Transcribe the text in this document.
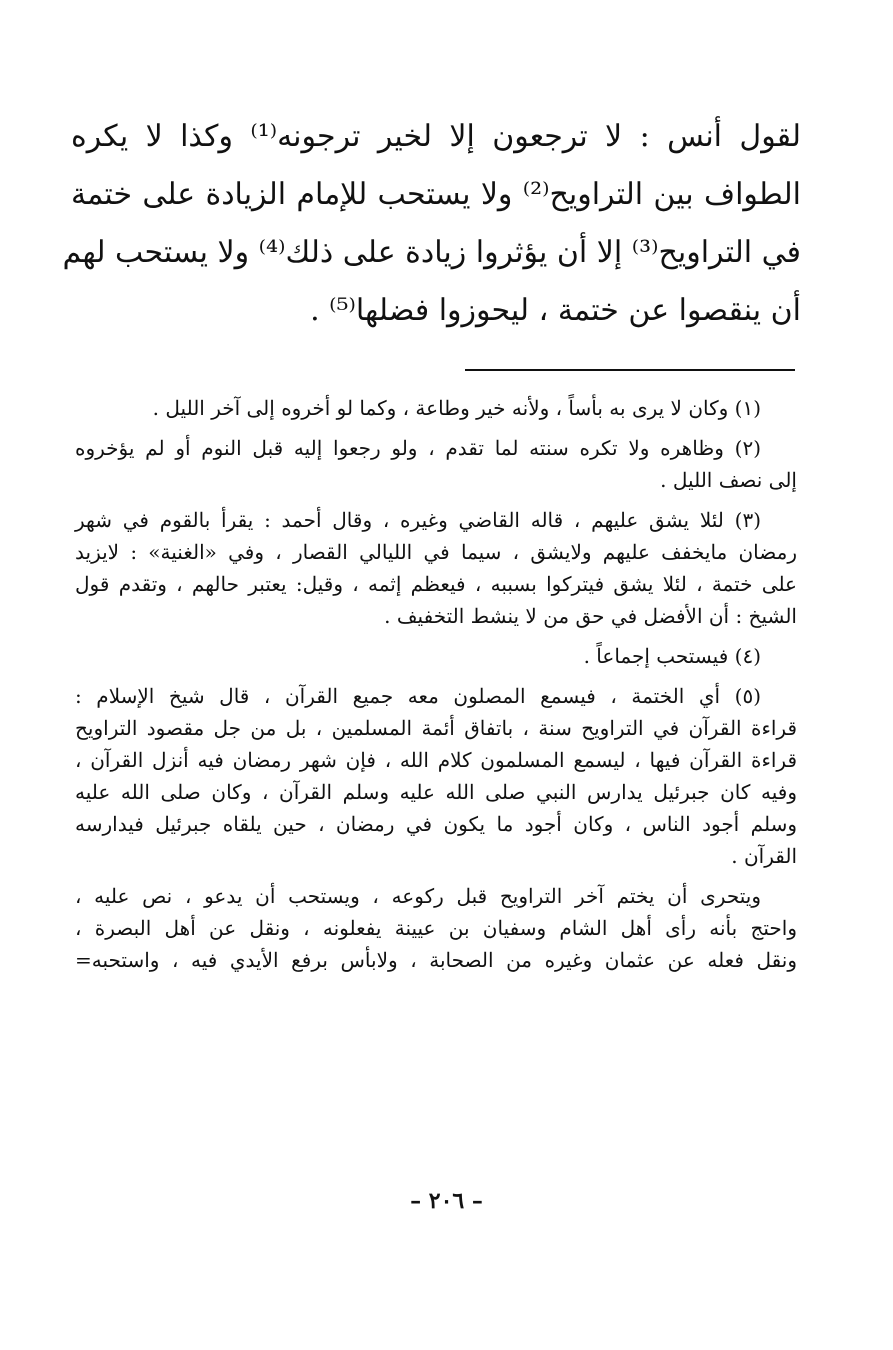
لقول أنس : لا ترجعون إلا لخير ترجونه⁽¹⁾ وكذا لا يكره
الطواف بين التراويح⁽²⁾ ولا يستحب للإمام الزيادة على ختمة
في التراويح⁽³⁾ إلا أن يؤثروا زيادة على ذلك⁽⁴⁾ ولا يستحب لهم
أن ينقصوا عن ختمة ، ليحوزوا فضلها⁽⁵⁾ .
(١) وكان لا يرى به بأساً ، ولأنه خير وطاعة ، وكما لو أخروه إلى آخر الليل .
(٢) وظاهره ولا تكره سنته لما تقدم ، ولو رجعوا إليه قبل النوم أو لم يؤخروه
إلى نصف الليل .
(٣) لئلا يشق عليهم ، قاله القاضي وغيره ، وقال أحمد : يقرأ بالقوم في شهر
رمضان مايخفف عليهم ولايشق ، سيما في الليالي القصار ، وفي «الغنية» : لايزيد
على ختمة ، لئلا يشق فيتركوا بسببه ، فيعظم إثمه ، وقيل: يعتبر حالهم ، وتقدم قول
الشيخ : أن الأفضل في حق من لا ينشط التخفيف .
(٤) فيستحب إجماعاً .
(٥) أي الختمة ، فيسمع المصلون معه جميع القرآن ، قال شيخ الإسلام :
قراءة القرآن في التراويح سنة ، باتفاق أئمة المسلمين ، بل من جل مقصود التراويح
قراءة القرآن فيها ، ليسمع المسلمون كلام الله ، فإن شهر رمضان فيه أنزل القرآن ،
وفيه كان جبرئيل يدارس النبي صلى الله عليه وسلم القرآن ، وكان صلى الله عليه
وسلم أجود الناس ، وكان أجود ما يكون في رمضان ، حين يلقاه جبرئيل فيدارسه
القرآن .
ويتحرى أن يختم آخر التراويح قبل ركوعه ، ويستحب أن يدعو ، نص عليه ،
واحتج بأنه رأى أهل الشام وسفيان بن عيينة يفعلونه ، ونقل عن أهل البصرة ،
ونقل فعله عن عثمان وغيره من الصحابة ، ولابأس برفع الأيدي فيه ، واستحبه=
– ٢٠٦ –
